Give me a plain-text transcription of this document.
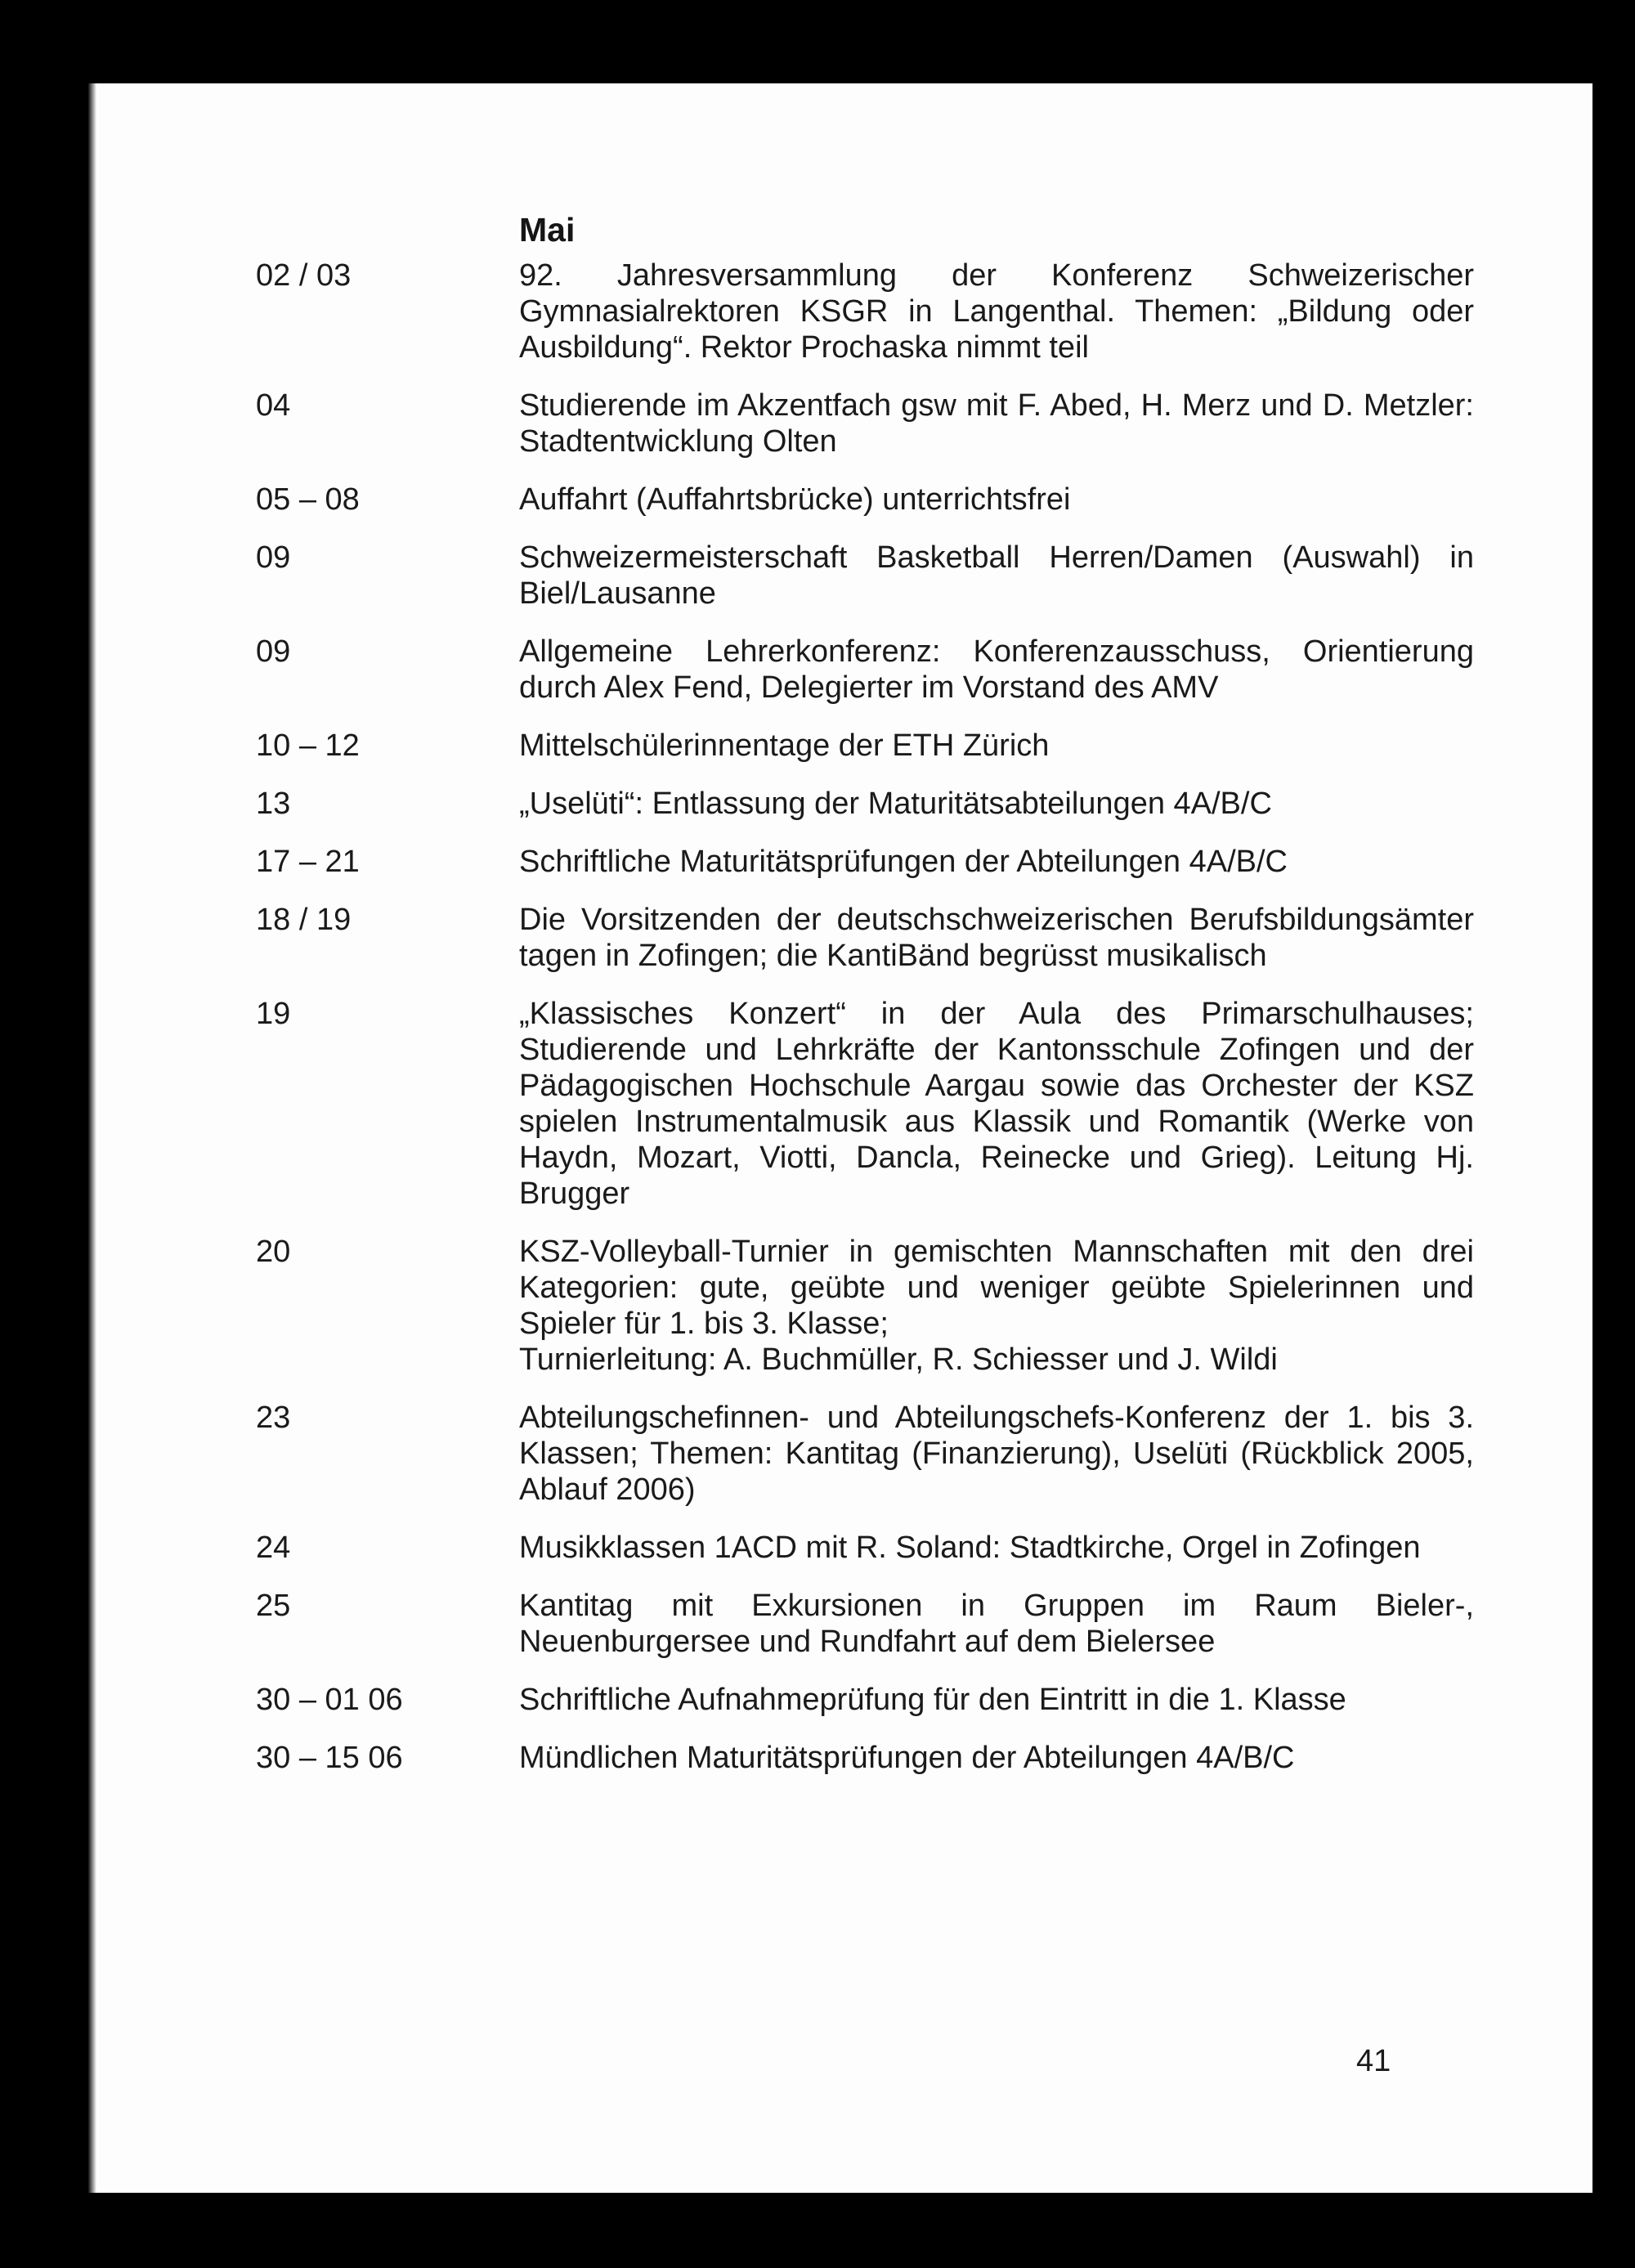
Mai
02 / 03	92. Jahresversammlung der Konferenz Schweizerischer Gymnasialrektoren KSGR in Langenthal. Themen: „Bildung oder Ausbildung“. Rektor Prochaska nimmt teil
04	Studierende im Akzentfach gsw mit F. Abed, H. Merz und D. Metzler: Stadtentwicklung Olten
05 – 08	Auffahrt (Auffahrtsbrücke) unterrichtsfrei
09	Schweizermeisterschaft Basketball Herren/Damen (Auswahl) in Biel/Lausanne
09	Allgemeine Lehrerkonferenz: Konferenzausschuss, Orientierung durch Alex Fend, Delegierter im Vorstand des AMV
10 – 12	Mittelschülerinnentage der ETH Zürich
13	„Uselüti“: Entlassung der Maturitätsabteilungen 4A/B/C
17 – 21	Schriftliche Maturitätsprüfungen der Abteilungen 4A/B/C
18 / 19	Die Vorsitzenden der deutschschweizerischen Berufsbildungsämter tagen in Zofingen; die KantiBänd begrüsst musikalisch
19	„Klassisches Konzert“ in der Aula des Primarschulhauses; Studierende und Lehrkräfte der Kantonsschule Zofingen und der Pädagogischen Hochschule Aargau sowie das Orchester der KSZ spielen Instrumentalmusik aus Klassik und Romantik (Werke von Haydn, Mozart, Viotti, Dancla, Reinecke und Grieg). Leitung Hj. Brugger
20	KSZ-Volleyball-Turnier in gemischten Mannschaften mit den drei Kategorien: gute, geübte und weniger geübte Spielerinnen und Spieler für 1. bis 3. Klasse;
Turnierleitung: A. Buchmüller, R. Schiesser und J. Wildi
23	Abteilungschefinnen- und Abteilungschefs-Konferenz der 1. bis 3. Klassen; Themen: Kantitag (Finanzierung), Uselüti (Rückblick 2005, Ablauf 2006)
24	Musikklassen 1ACD mit R. Soland: Stadtkirche, Orgel in Zofingen
25	Kantitag mit Exkursionen in Gruppen im Raum Bieler-, Neuenburgersee und Rundfahrt auf dem Bielersee
30 – 01 06	Schriftliche Aufnahmeprüfung für den Eintritt in die 1. Klasse
30 – 15 06	Mündlichen Maturitätsprüfungen der Abteilungen 4A/B/C
41
